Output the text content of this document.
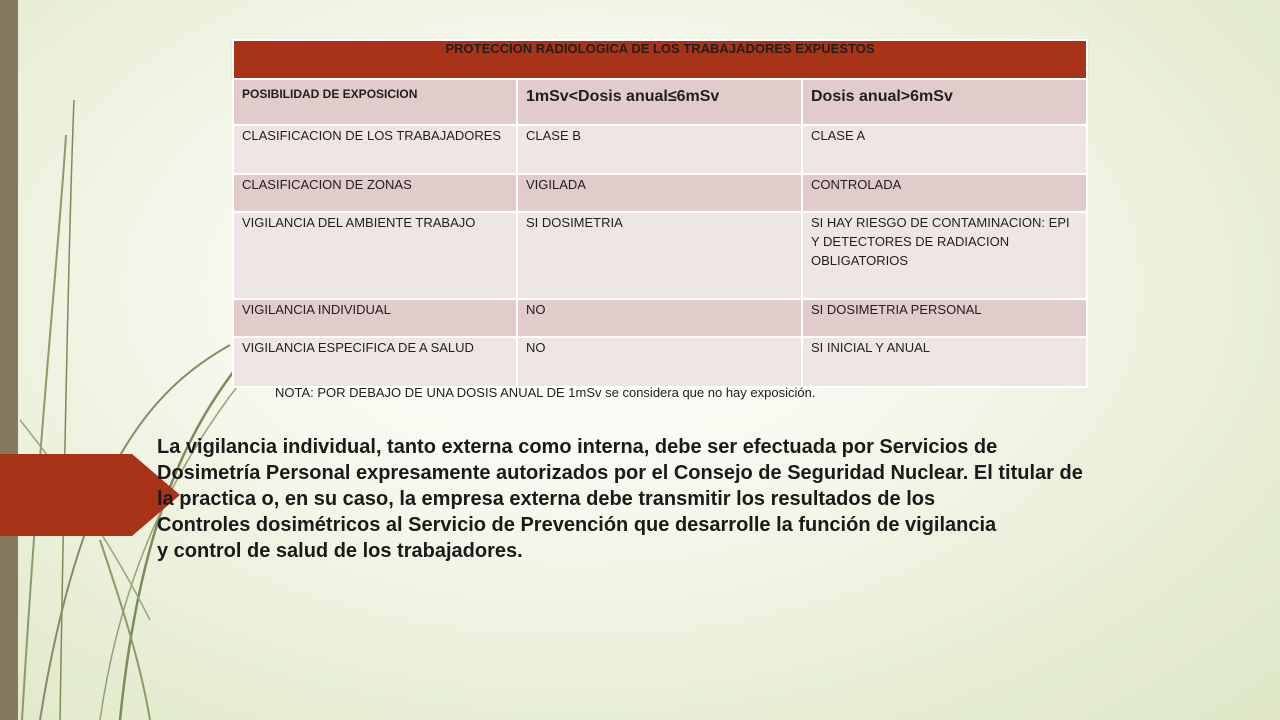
PROTECCION RADIOLOGICA DE LOS TRABAJADORES EXPUESTOS		
POSIBILIDAD DE EXPOSICION	1mSv<Dosis anual≤6mSv	Dosis anual>6mSv
CLASIFICACION DE LOS TRABAJADORES	CLASE B	CLASE A
CLASIFICACION DE ZONAS	VIGILADA	CONTROLADA
VIGILANCIA DEL AMBIENTE TRABAJO	SI DOSIMETRIA	SI HAY RIESGO DE CONTAMINACION: EPI Y DETECTORES DE RADIACION OBLIGATORIOS
VIGILANCIA INDIVIDUAL	NO	SI DOSIMETRIA PERSONAL
VIGILANCIA ESPECIFICA DE A SALUD	NO	SI INICIAL Y ANUAL
NOTA: POR DEBAJO DE UNA DOSIS ANUAL DE 1mSv se considera que no hay exposición.
La vigilancia individual, tanto externa como interna, debe ser efectuada por Servicios de
Dosimetría Personal expresamente autorizados por el Consejo de Seguridad Nuclear. El titular de
la practica o, en su caso, la empresa externa debe transmitir los resultados de los
Controles dosimétricos al Servicio de Prevención que desarrolle la función de vigilancia
y control de salud de los trabajadores.
